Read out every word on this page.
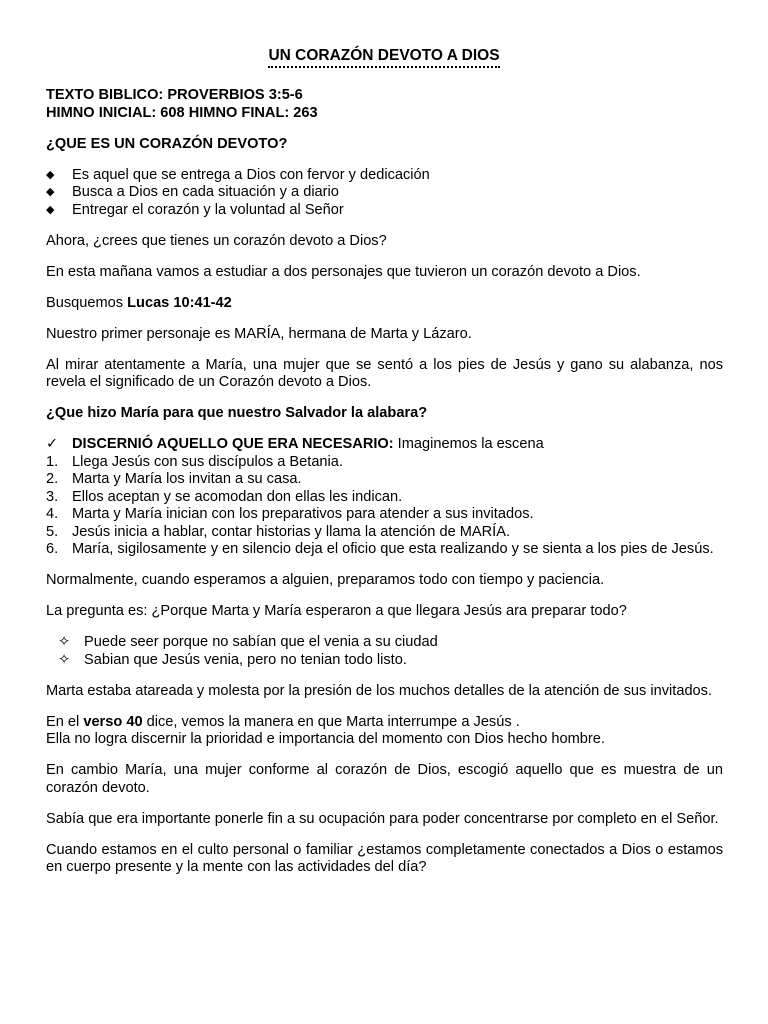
UN CORAZÓN DEVOTO A DIOS

TEXTO BIBLICO: PROVERBIOS 3:5-6
HIMNO INICIAL: 608 HIMNO FINAL: 263

¿QUE ES UN CORAZÓN DEVOTO?

◆ Es aquel que se entrega a Dios con fervor y dedicación
◆ Busca a Dios en cada situación y a diario
◆ Entregar el corazón y la voluntad al Señor

Ahora, ¿crees que tienes un corazón devoto a Dios?

En esta mañana vamos a estudiar a dos personajes que tuvieron un corazón devoto a Dios.

Busquemos Lucas 10:41-42

Nuestro primer personaje es MARÍA, hermana de Marta y Lázaro.

Al mirar atentamente a María, una mujer que se sentó a los pies de Jesús y gano su alabanza, nos revela el significado de un Corazón devoto a Dios.

¿Que hizo María para que nuestro Salvador la alabara?

✓ DISCERNIÓ AQUELLO QUE ERA NECESARIO: Imaginemos la escena
1. Llega Jesús con sus discípulos a Betania.
2. Marta y María los invitan a su casa.
3. Ellos aceptan y se acomodan don ellas les indican.
4. Marta y María inician con los preparativos para atender a sus invitados.
5. Jesús inicia a hablar, contar historias y llama la atención de MARÍA.
6. María, sigilosamente y en silencio deja el oficio que esta realizando y se sienta a los pies de Jesús.

Normalmente, cuando esperamos a alguien, preparamos todo con tiempo y paciencia.

La pregunta es: ¿Porque Marta y María esperaron a que llegara Jesús ara preparar todo?

✧ Puede seer porque no sabían que el venia a su ciudad
✧ Sabian que Jesús venia, pero no tenian todo listo.

Marta estaba atareada y molesta por la presión de los muchos detalles de la atención de sus invitados.

En el verso 40 dice, vemos la manera en que Marta interrumpe a Jesús .
Ella no logra discernir la prioridad e importancia del momento con Dios hecho hombre.

En cambio María, una mujer conforme al corazón de Dios, escogió aquello que es muestra de un corazón devoto.

Sabía que era importante ponerle fin a su ocupación para poder concentrarse por completo en el Señor.

Cuando estamos en el culto personal o familiar ¿estamos completamente conectados a Dios o estamos en cuerpo presente y la mente con las actividades del día?
